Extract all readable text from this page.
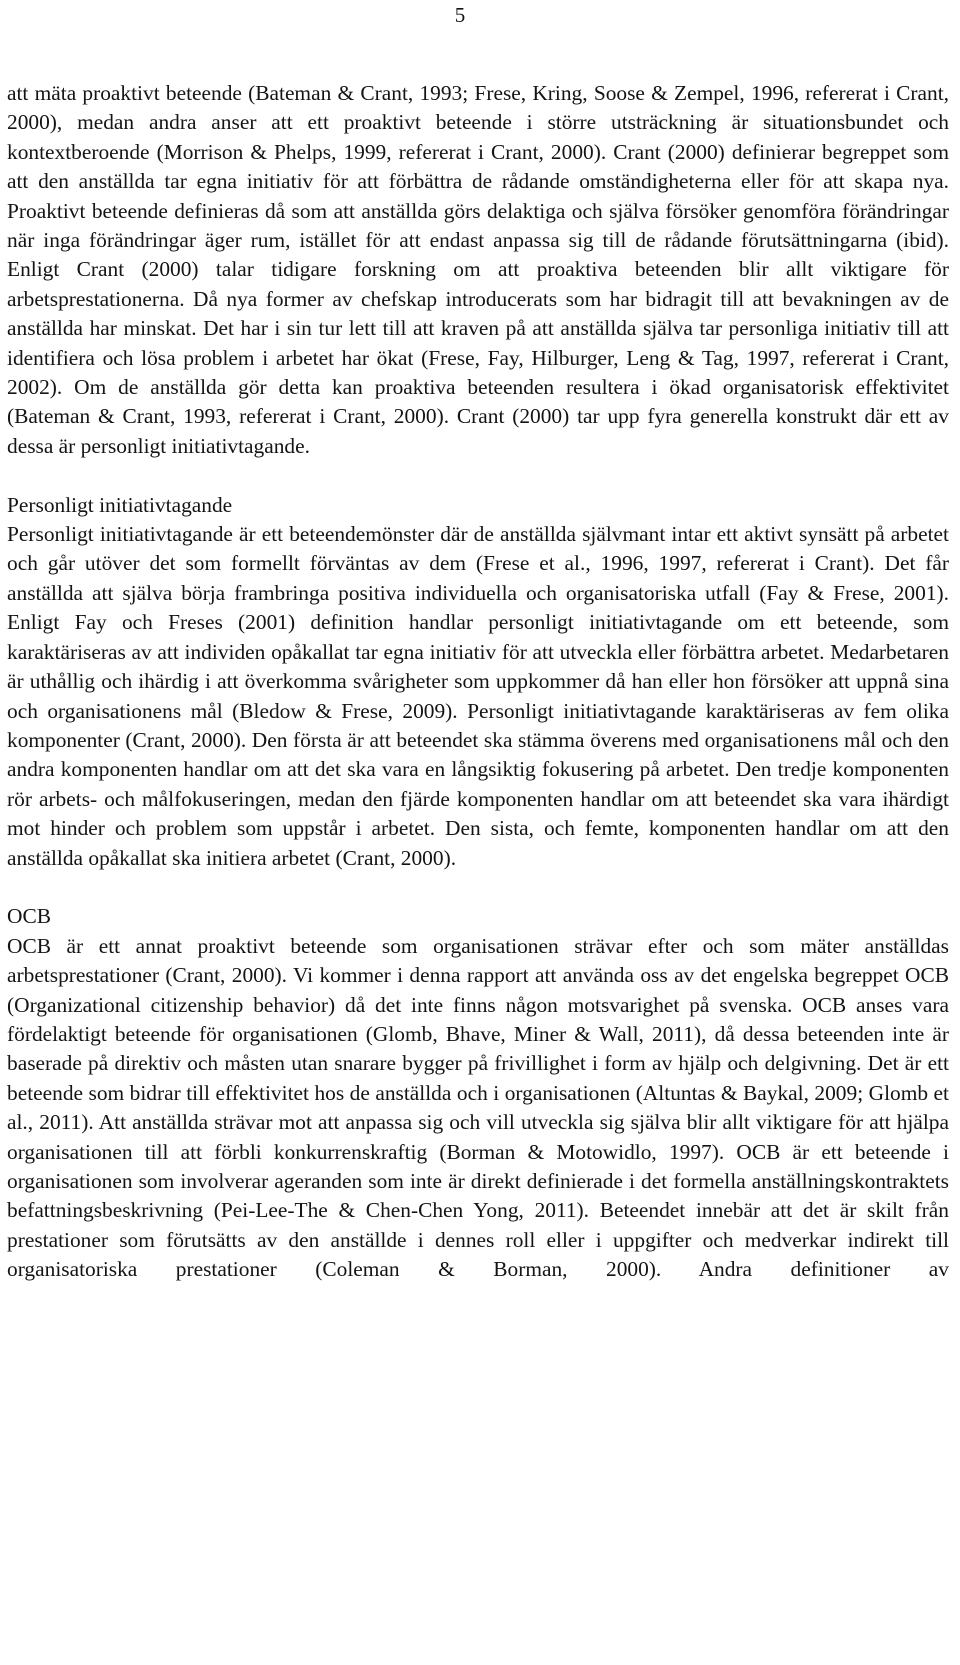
5

att mäta proaktivt beteende (Bateman & Crant, 1993; Frese, Kring, Soose & Zempel, 1996, refererat i Crant, 2000), medan andra anser att ett proaktivt beteende i större utsträckning är situationsbundet och kontextberoende (Morrison & Phelps, 1999, refererat i Crant, 2000). Crant (2000) definierar begreppet som att den anställda tar egna initiativ för att förbättra de rådande omständigheterna eller för att skapa nya. Proaktivt beteende definieras då som att anställda görs delaktiga och själva försöker genomföra förändringar när inga förändringar äger rum, istället för att endast anpassa sig till de rådande förutsättningarna (ibid). Enligt Crant (2000) talar tidigare forskning om att proaktiva beteenden blir allt viktigare för arbetsprestationerna. Då nya former av chefskap introducerats som har bidragit till att bevakningen av de anställda har minskat. Det har i sin tur lett till att kraven på att anställda själva tar personliga initiativ till att identifiera och lösa problem i arbetet har ökat (Frese, Fay, Hilburger, Leng & Tag, 1997, refererat i Crant, 2002). Om de anställda gör detta kan proaktiva beteenden resultera i ökad organisatorisk effektivitet (Bateman & Crant, 1993, refererat i Crant, 2000). Crant (2000) tar upp fyra generella konstrukt där ett av dessa är personligt initiativtagande.

Personligt initiativtagande

Personligt initiativtagande är ett beteendemönster där de anställda självmant intar ett aktivt synsätt på arbetet och går utöver det som formellt förväntas av dem (Frese et al., 1996, 1997, refererat i Crant). Det får anställda att själva börja frambringa positiva individuella och organisatoriska utfall (Fay & Frese, 2001). Enligt Fay och Freses (2001) definition handlar personligt initiativtagande om ett beteende, som karaktäriseras av att individen opåkallat tar egna initiativ för att utveckla eller förbättra arbetet. Medarbetaren är uthållig och ihärdig i att överkomma svårigheter som uppkommer då han eller hon försöker att uppnå sina och organisationens mål (Bledow & Frese, 2009). Personligt initiativtagande karaktäriseras av fem olika komponenter (Crant, 2000). Den första är att beteendet ska stämma överens med organisationens mål och den andra komponenten handlar om att det ska vara en långsiktig fokusering på arbetet. Den tredje komponenten rör arbets- och målfokuseringen, medan den fjärde komponenten handlar om att beteendet ska vara ihärdigt mot hinder och problem som uppstår i arbetet. Den sista, och femte, komponenten handlar om att den anställda opåkallat ska initiera arbetet (Crant, 2000).

OCB

OCB är ett annat proaktivt beteende som organisationen strävar efter och som mäter anställdas arbetsprestationer (Crant, 2000). Vi kommer i denna rapport att använda oss av det engelska begreppet OCB (Organizational citizenship behavior) då det inte finns någon motsvarighet på svenska. OCB anses vara fördelaktigt beteende för organisationen (Glomb, Bhave, Miner & Wall, 2011), då dessa beteenden inte är baserade på direktiv och måsten utan snarare bygger på frivillighet i form av hjälp och delgivning. Det är ett beteende som bidrar till effektivitet hos de anställda och i organisationen (Altuntas & Baykal, 2009; Glomb et al., 2011). Att anställda strävar mot att anpassa sig och vill utveckla sig själva blir allt viktigare för att hjälpa organisationen till att förbli konkurrenskraftig (Borman & Motowidlo, 1997). OCB är ett beteende i organisationen som involverar ageranden som inte är direkt definierade i det formella anställningskontraktets befattningsbeskrivning (Pei-Lee-The & Chen-Chen Yong, 2011). Beteendet innebär att det är skilt från prestationer som förutsätts av den anställde i dennes roll eller i uppgifter och medverkar indirekt till organisatoriska prestationer (Coleman & Borman, 2000). Andra definitioner av
